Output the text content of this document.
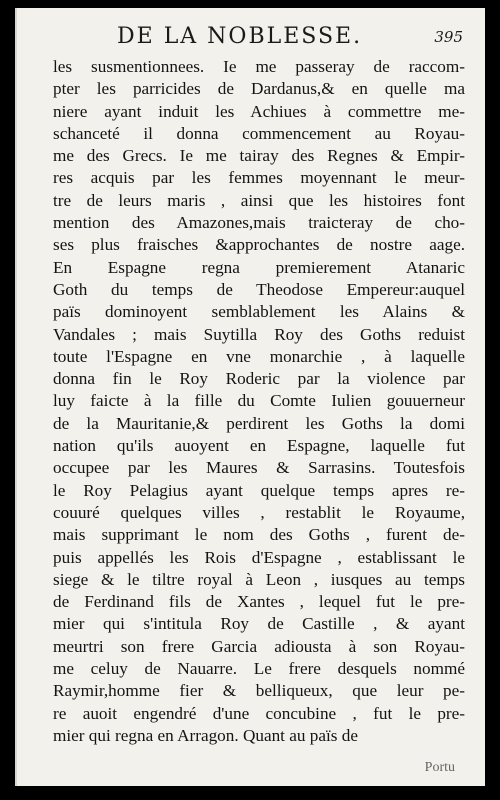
DE LA NOBLESSE.	395
les susmentionnees. Ie me passeray de raccom-
pter les parricides de Dardanus,& en quelle ma
niere ayant induit les Achiues à commettre me-
schanceté il donna commencement au Royau-
me des Grecs. Ie me tairay des Regnes & Empir-
res acquis par les femmes moyennant le meur-
tre de leurs maris , ainsi que les histoires font
mention des Amazones,mais traicteray de cho-
ses plus fraisches &approchantes de nostre aage.
En Espagne regna premierement Atanaric
Goth du temps de Theodose Empereur:auquel
païs dominoyent semblablement les Alains &
Vandales ; mais Suytilla Roy des Goths reduist
toute l'Espagne en vne monarchie , à laquelle
donna fin le Roy Roderic par la violence par
luy faicte à la fille du Comte Iulien gouuerneur
de la Mauritanie,& perdirent les Goths la domi
nation qu'ils auoyent en Espagne, laquelle fut
occupee par les Maures & Sarrasins. Toutesfois
le Roy Pelagius ayant quelque temps apres re-
couuré quelques villes , restablit le Royaume,
mais supprimant le nom des Goths , furent de-
puis appellés les Rois d'Espagne , establissant le
siege & le tiltre royal à Leon , iusques au temps
de Ferdinand fils de Xantes , lequel fut le pre-
mier qui s'intitula Roy de Castille , & ayant
meurtri son frere Garcia adiousta à son Royau-
me celuy de Nauarre. Le frere desquels nommé
Raymir,homme fier & belliqueux, que leur pe-
re auoit engendré d'une concubine , fut le pre-
mier qui regna en Arragon. Quant au païs de
Portu
